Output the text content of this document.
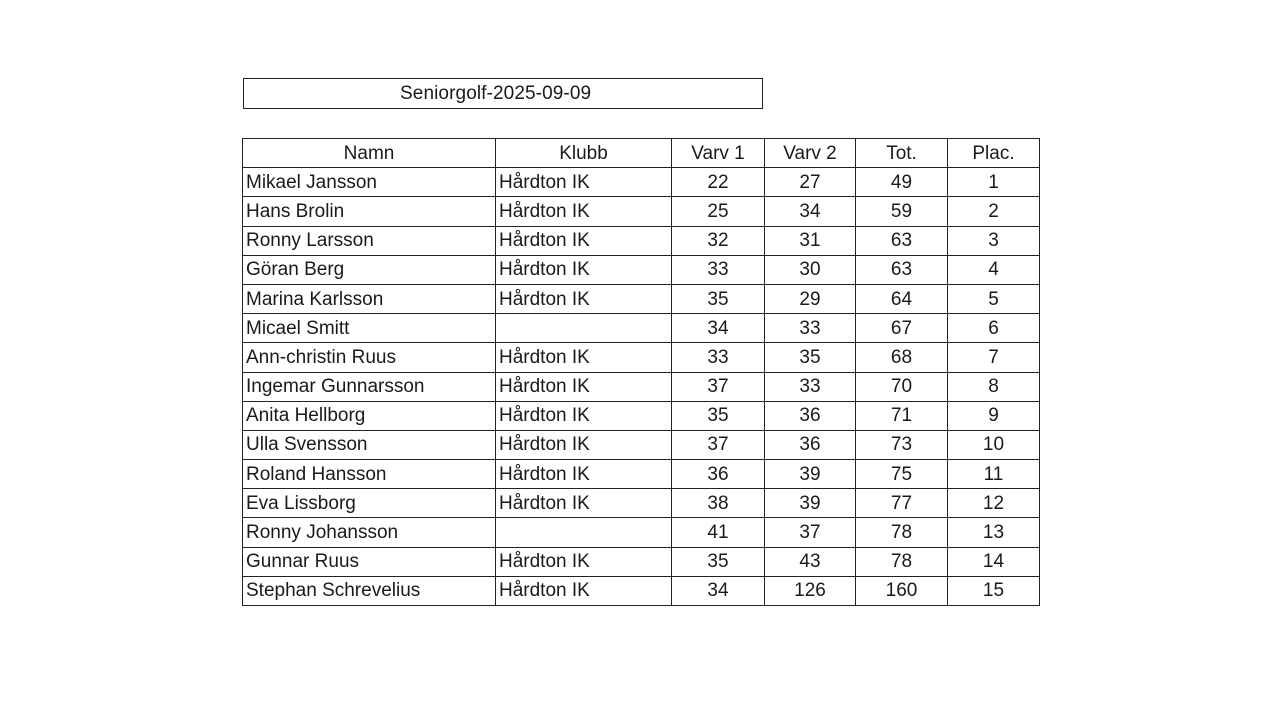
Seniorgolf-2025-09-09
Namn	Klubb	Varv 1	Varv 2	Tot.	Plac.
Mikael Jansson	Hårdton IK	22	27	49	1
Hans Brolin	Hårdton IK	25	34	59	2
Ronny Larsson	Hårdton IK	32	31	63	3
Göran Berg	Hårdton IK	33	30	63	4
Marina Karlsson	Hårdton IK	35	29	64	5
Micael Smitt		34	33	67	6
Ann-christin Ruus	Hårdton IK	33	35	68	7
Ingemar Gunnarsson	Hårdton IK	37	33	70	8
Anita Hellborg	Hårdton IK	35	36	71	9
Ulla Svensson	Hårdton IK	37	36	73	10
Roland Hansson	Hårdton IK	36	39	75	11
Eva Lissborg	Hårdton IK	38	39	77	12
Ronny Johansson		41	37	78	13
Gunnar Ruus	Hårdton IK	35	43	78	14
Stephan Schrevelius	Hårdton IK	34	126	160	15
